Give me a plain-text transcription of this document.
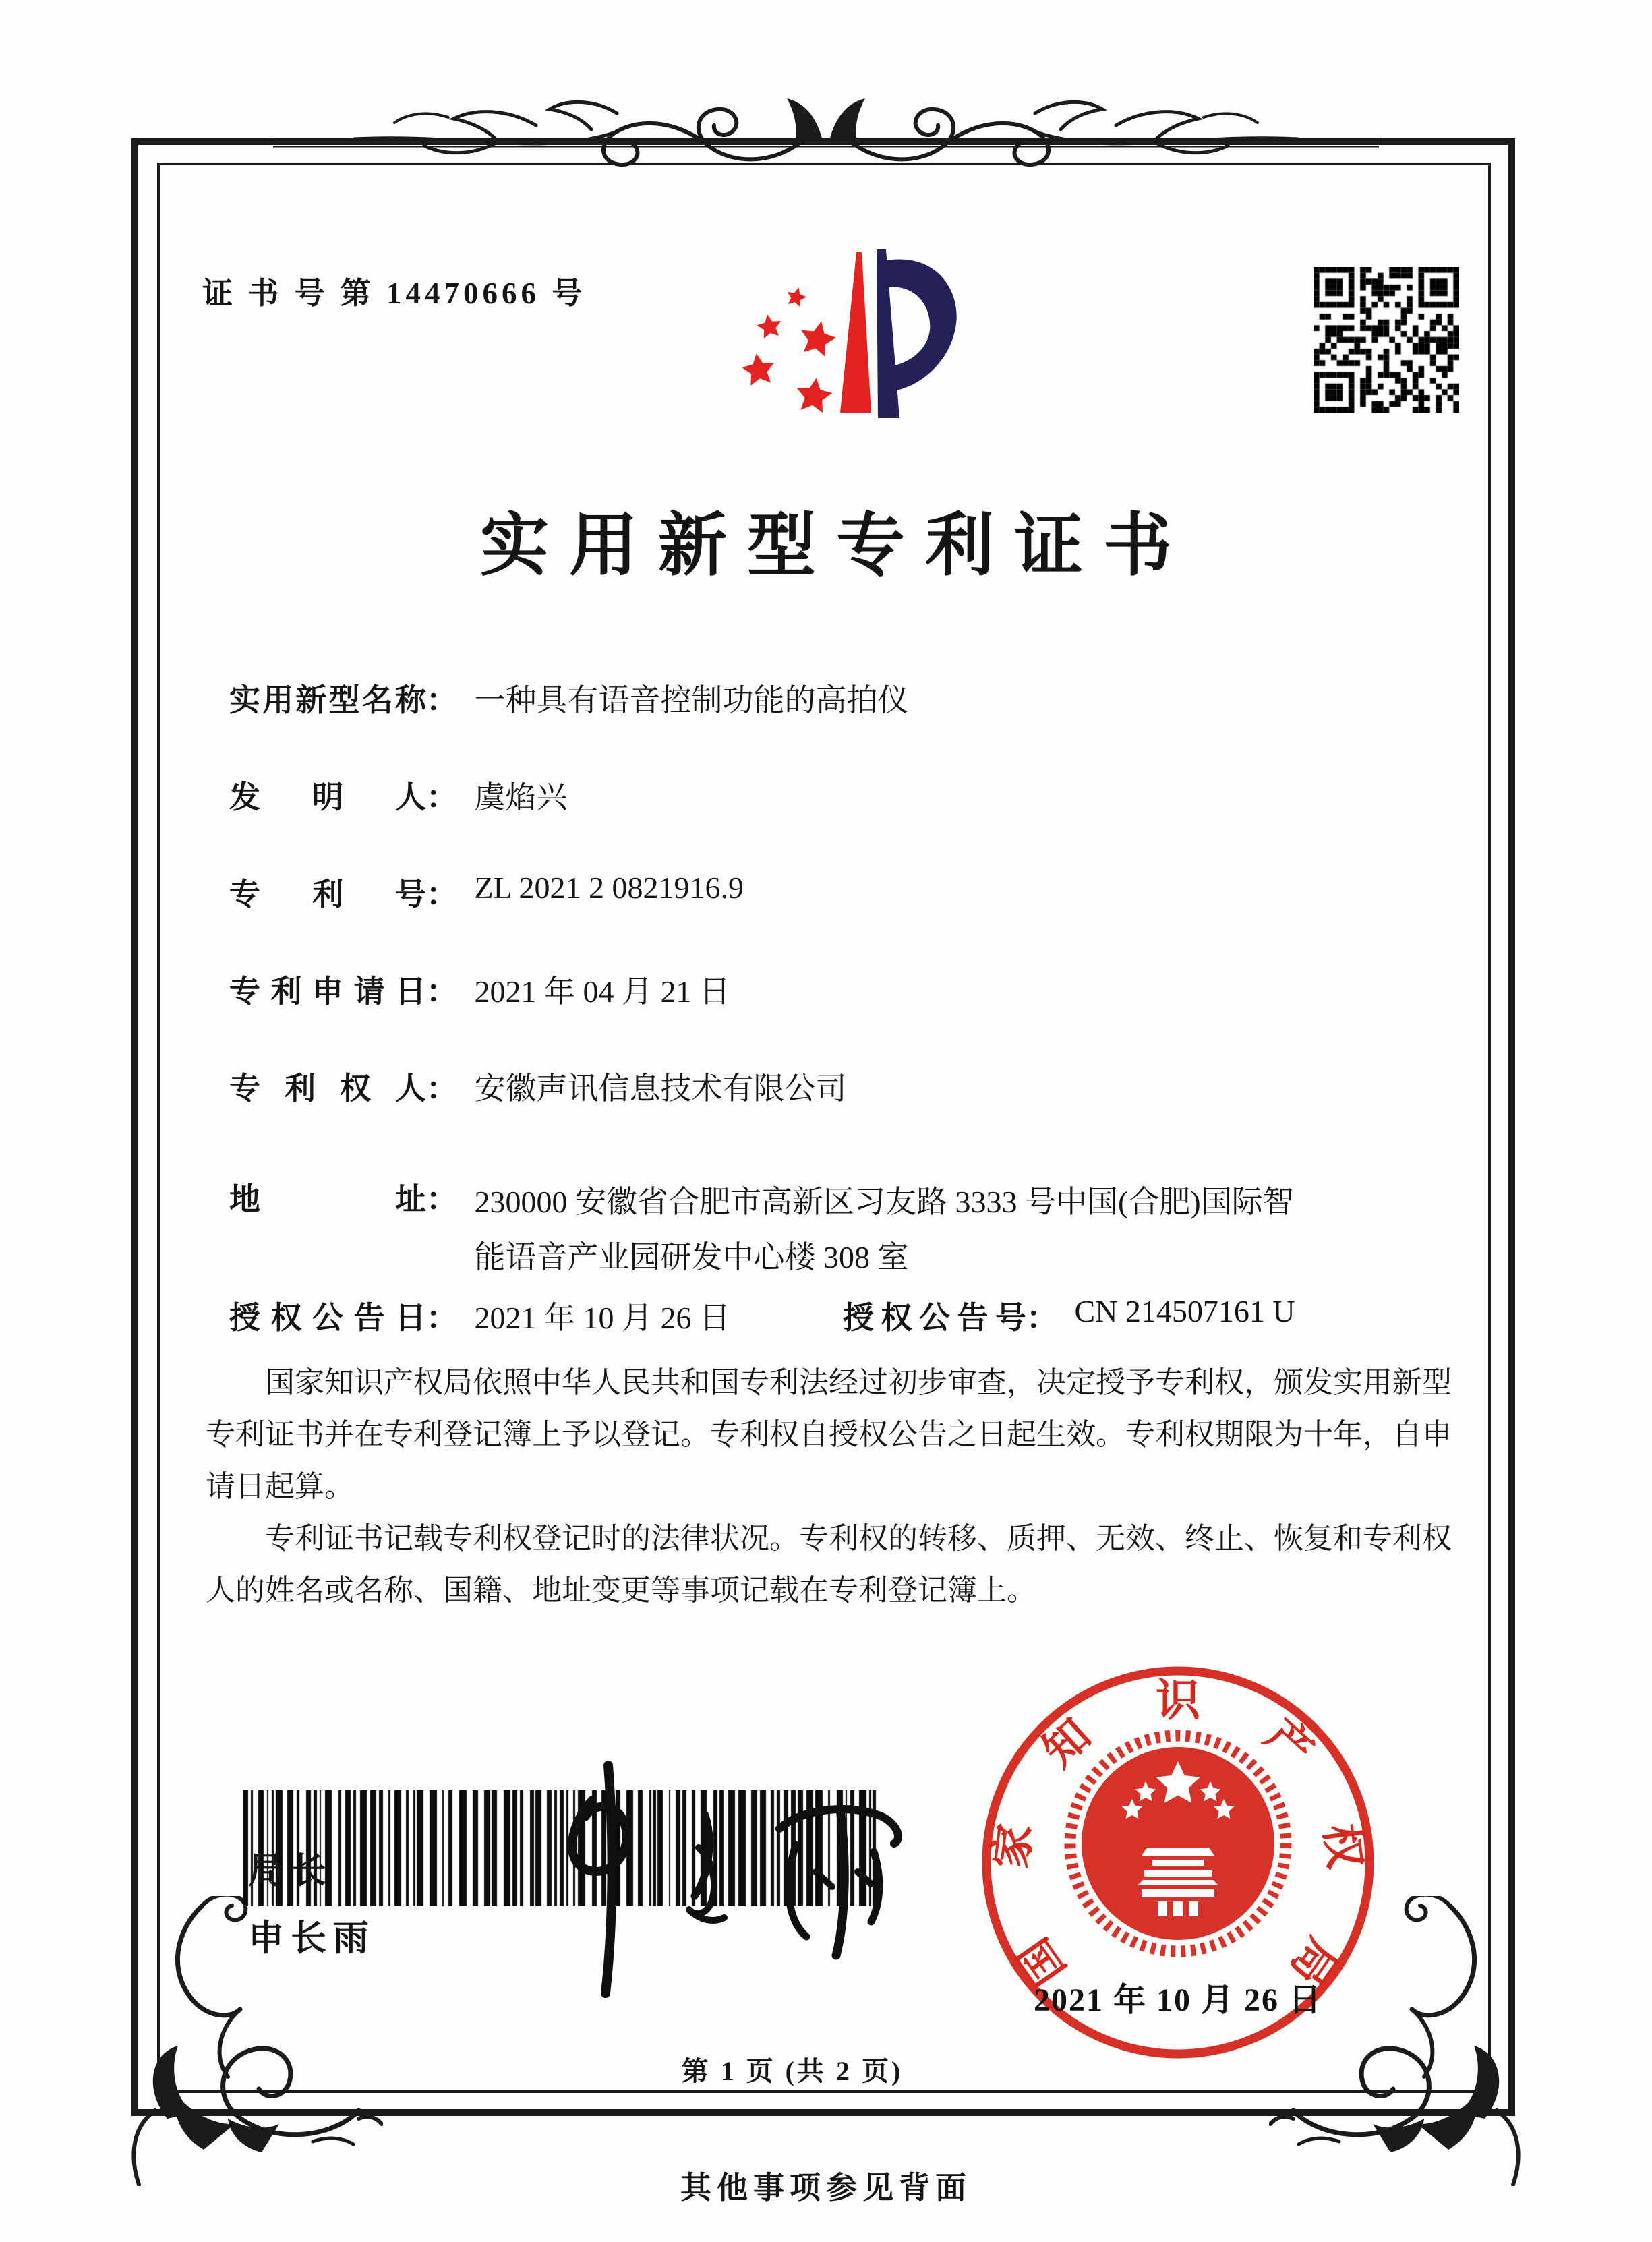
证 书 号 第 14470666 号
实用新型专利证书
实用新型名称： 一种具有语音控制功能的高拍仪
发明人： 虞焰兴
专利号： ZL 2021 2 0821916.9
专利申请日： 2021 年 04 月 21 日
专利权人： 安徽声讯信息技术有限公司
地址： 230000 安徽省合肥市高新区习友路 3333 号中国(合肥)国际智能语音产业园研发中心楼 308 室
授权公告日： 2021 年 10 月 26 日	授权公告号： CN 214507161 U

国家知识产权局依照中华人民共和国专利法经过初步审查，决定授予专利权，颁发实用新型专利证书并在专利登记簿上予以登记。专利权自授权公告之日起生效。专利权期限为十年，自申请日起算。

专利证书记载专利权登记时的法律状况。专利权的转移、质押、无效、终止、恢复和专利权人的姓名或名称、国籍、地址变更等事项记载在专利登记簿上。

局长
申长雨	国
家
知
识
产
权
局
2021 年 10 月 26 日
第 1 页 (共 2 页)
其他事项参见背面
